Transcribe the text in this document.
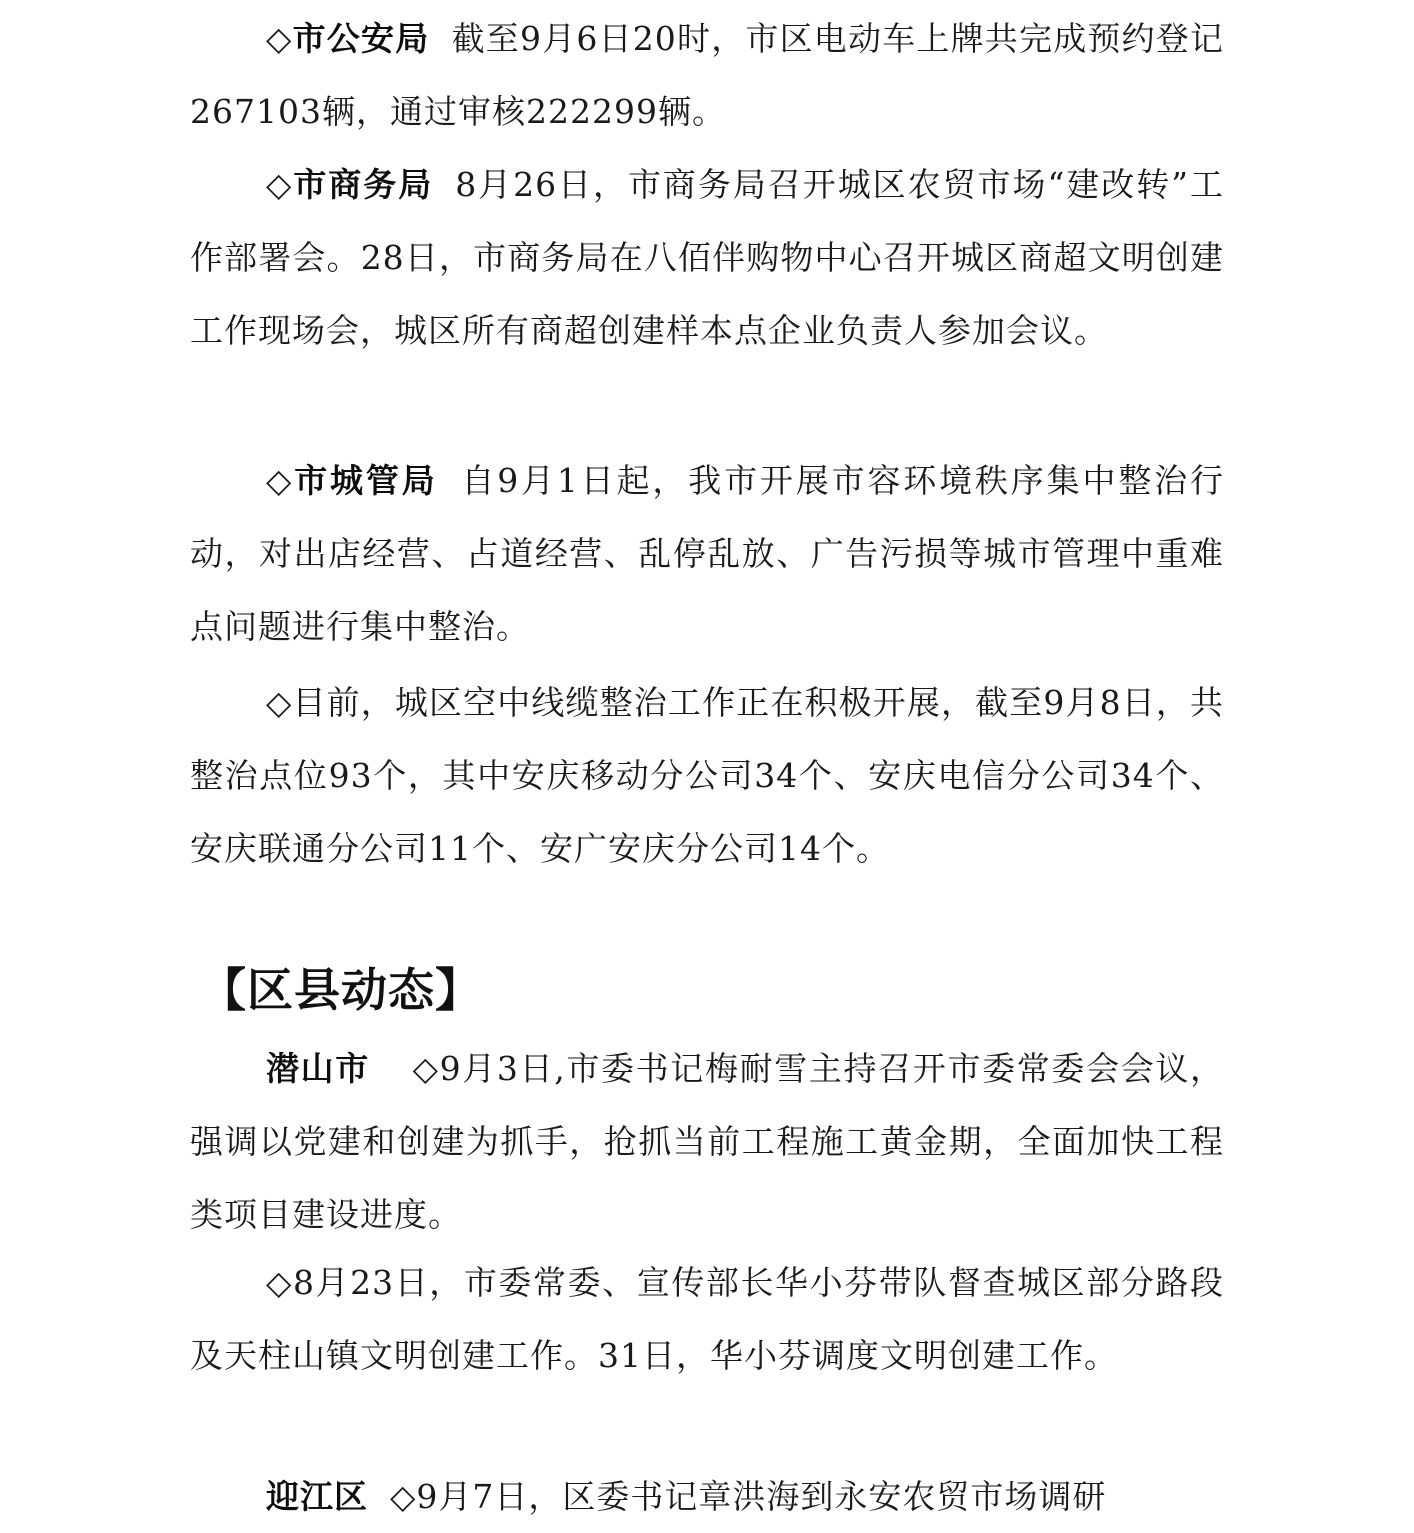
◇市公安局 截至9月6日20时，市区电动车上牌共完成预约登记267103辆，通过审核222299辆。

◇市商务局 8月26日，市商务局召开城区农贸市场“建改转”工作部署会。28日，市商务局在八佰伴购物中心召开城区商超文明创建工作现场会，城区所有商超创建样本点企业负责人参加会议。

◇市城管局 自9月1日起，我市开展市容环境秩序集中整治行动，对出店经营、占道经营、乱停乱放、广告污损等城市管理中重难点问题进行集中整治。

◇目前，城区空中线缆整治工作正在积极开展，截至9月8日，共整治点位93个，其中安庆移动分公司34个、安庆电信分公司34个、安庆联通分公司11个、安广安庆分公司14个。

【区县动态】

潜山市 ◇9月3日,市委书记梅耐雪主持召开市委常委会会议，强调以党建和创建为抓手，抢抓当前工程施工黄金期，全面加快工程类项目建设进度。

◇8月23日，市委常委、宣传部长华小芬带队督查城区部分路段及天柱山镇文明创建工作。31日，华小芬调度文明创建工作。

迎江区 ◇9月7日，区委书记章洪海到永安农贸市场调研
